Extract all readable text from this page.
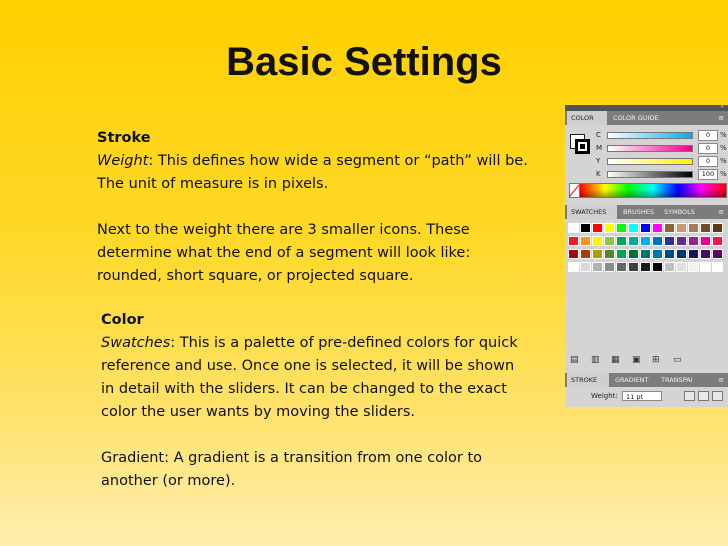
Basic Settings
Stroke
Weight: This defines how wide a segment or “path” will be.
The unit of measure is in pixels.
Next to the weight there are 3 smaller icons. These
determine what the end of a segment will look like:
rounded, short square, or projected square.
Color
Swatches: This is a palette of pre-defined colors for quick
reference and use. Once one is selected, it will be shown
in detail with the sliders. It can be changed to the exact
color the user wants by moving the sliders.
Gradient: A gradient is a transition from one color to
another (or more).
»
COLOR	COLOR GUIDE	≡
C	0	%
M	0	%
Y	0	%
K	100 %
SWATCHES	BRUSHES	SYMBOLS	≡
▤ ▥ ▦ ▣ ⊞ ▭
STROKE	GRADIENT	TRANSPAI	≡
Weight:	11 pt
